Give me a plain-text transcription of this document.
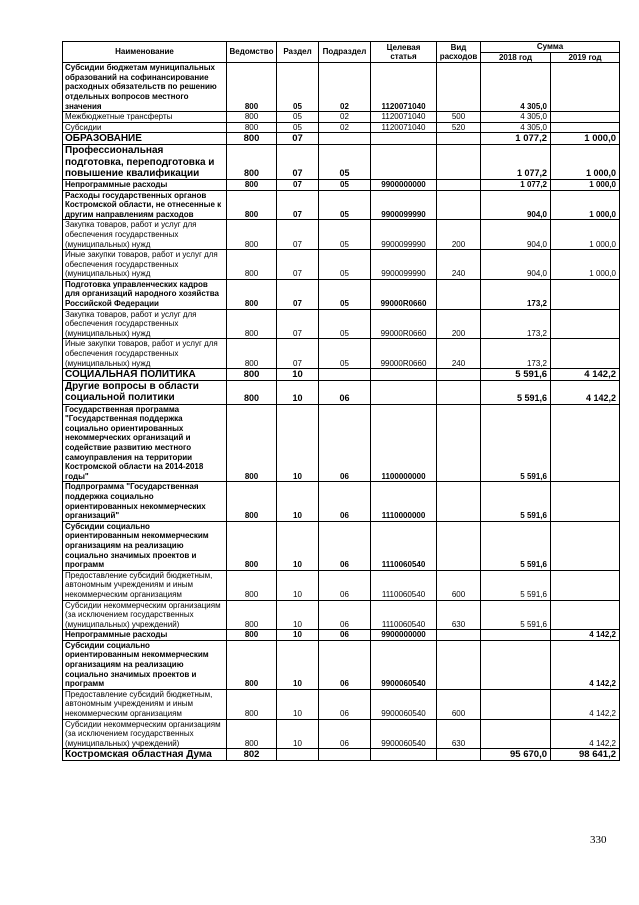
Наименование	Ведомство	Раздел	Подраздел	Целевая статья	Вид расходов	Сумма	
						2018 год	2019 год
Субсидии бюджетам муниципальных образований на софинансирование расходных обязательств по решению отдельных вопросов местного значения	800	05	02	1120071040		4 305,0	
Межбюджетные трансферты	800	05	02	1120071040	500	4 305,0	
Субсидии	800	05	02	1120071040	520	4 305,0	
ОБРАЗОВАНИЕ	800	07				1 077,2	1 000,0
Профессиональная подготовка, переподготовка и повышение квалификации	800	07	05			1 077,2	1 000,0
Непрограммные расходы	800	07	05	9900000000		1 077,2	1 000,0
Расходы государственных органов Костромской области, не отнесенные к другим направлениям расходов	800	07	05	9900099990		904,0	1 000,0
Закупка товаров, работ и услуг для обеспечения государственных (муниципальных) нужд	800	07	05	9900099990	200	904,0	1 000,0
Иные закупки товаров, работ и услуг для обеспечения государственных (муниципальных) нужд	800	07	05	9900099990	240	904,0	1 000,0
Подготовка управленческих кадров для организаций народного хозяйства Российской Федерации	800	07	05	99000R0660		173,2	
Закупка товаров, работ и услуг для обеспечения государственных (муниципальных) нужд	800	07	05	99000R0660	200	173,2	
Иные закупки товаров, работ и услуг для обеспечения государственных (муниципальных) нужд	800	07	05	99000R0660	240	173,2	
СОЦИАЛЬНАЯ ПОЛИТИКА	800	10				5 591,6	4 142,2
Другие вопросы в области социальной политики	800	10	06			5 591,6	4 142,2
Государственная программа "Государственная поддержка социально ориентированных некоммерческих организаций и содействие развитию местного самоуправления на территории Костромской области на 2014-2018 годы"	800	10	06	1100000000		5 591,6	
Подпрограмма "Государственная поддержка социально ориентированных некоммерческих организаций"	800	10	06	1110000000		5 591,6	
Субсидии социально ориентированным некоммерческим организациям на реализацию социально значимых проектов и программ	800	10	06	1110060540		5 591,6	
Предоставление субсидий бюджетным, автономным учреждениям и иным некоммерческим организациям	800	10	06	1110060540	600	5 591,6	
Субсидии некоммерческим организациям (за исключением государственных (муниципальных) учреждений)	800	10	06	1110060540	630	5 591,6	
Непрограммные расходы	800	10	06	9900000000			4 142,2
Субсидии социально ориентированным некоммерческим организациям на реализацию социально значимых проектов и программ	800	10	06	9900060540			4 142,2
Предоставление субсидий бюджетным, автономным учреждениям и иным некоммерческим организациям	800	10	06	9900060540	600		4 142,2
Субсидии некоммерческим организациям (за исключением государственных (муниципальных) учреждений)	800	10	06	9900060540	630		4 142,2
Костромская областная Дума	802					95 670,0	98 641,2
330
